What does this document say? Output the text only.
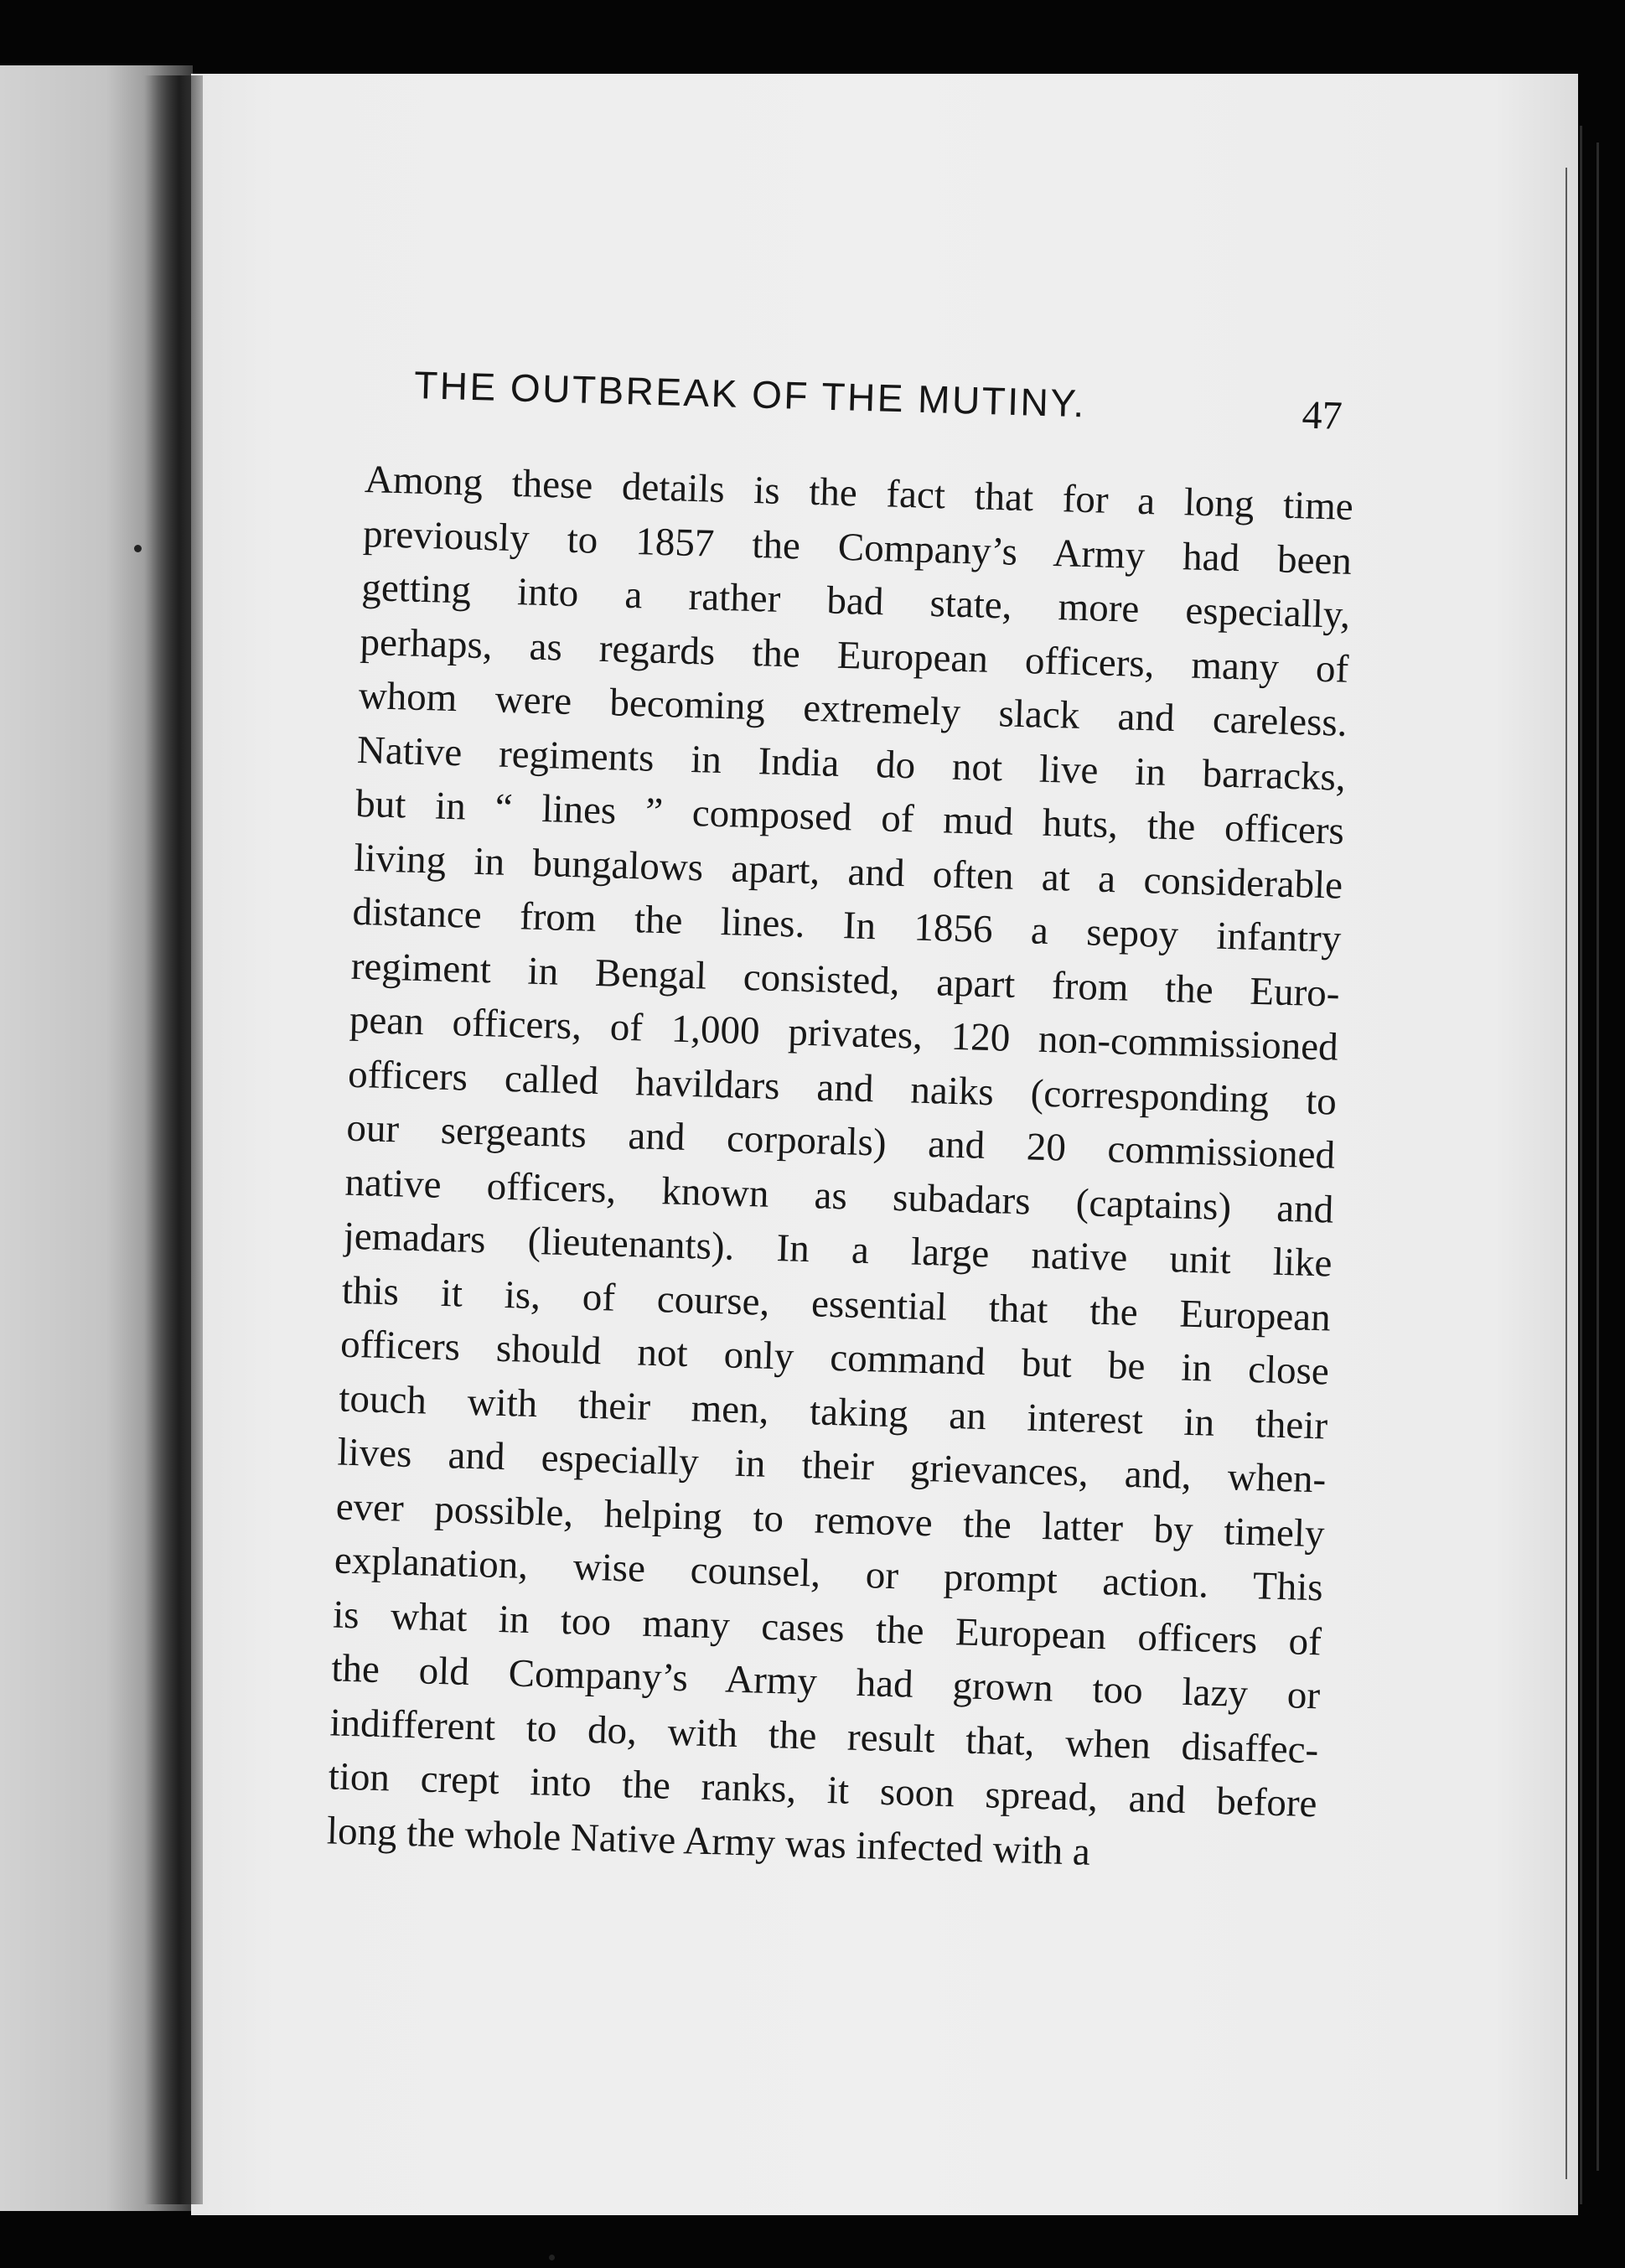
THE OUTBREAK OF THE MUTINY.	47
Among these details is the fact that for a long time
previously to 1857 the Company’s Army had been
getting into a rather bad state, more especially,
perhaps, as regards the European officers, many of
whom were becoming extremely slack and careless.
Native regiments in India do not live in barracks,
but in “ lines ” composed of mud huts, the officers
living in bungalows apart, and often at a considerable
distance from the lines. In 1856 a sepoy infantry
regiment in Bengal consisted, apart from the Euro-
pean officers, of 1,000 privates, 120 non-commissioned
officers called havildars and naiks (corresponding to
our sergeants and corporals) and 20 commissioned
native officers, known as subadars (captains) and
jemadars (lieutenants). In a large native unit like
this it is, of course, essential that the European
officers should not only command but be in close
touch with their men, taking an interest in their
lives and especially in their grievances, and, when-
ever possible, helping to remove the latter by timely
explanation, wise counsel, or prompt action. This
is what in too many cases the European officers of
the old Company’s Army had grown too lazy or
indifferent to do, with the result that, when disaffec-
tion crept into the ranks, it soon spread, and before
long the whole Native Army was infected with a
